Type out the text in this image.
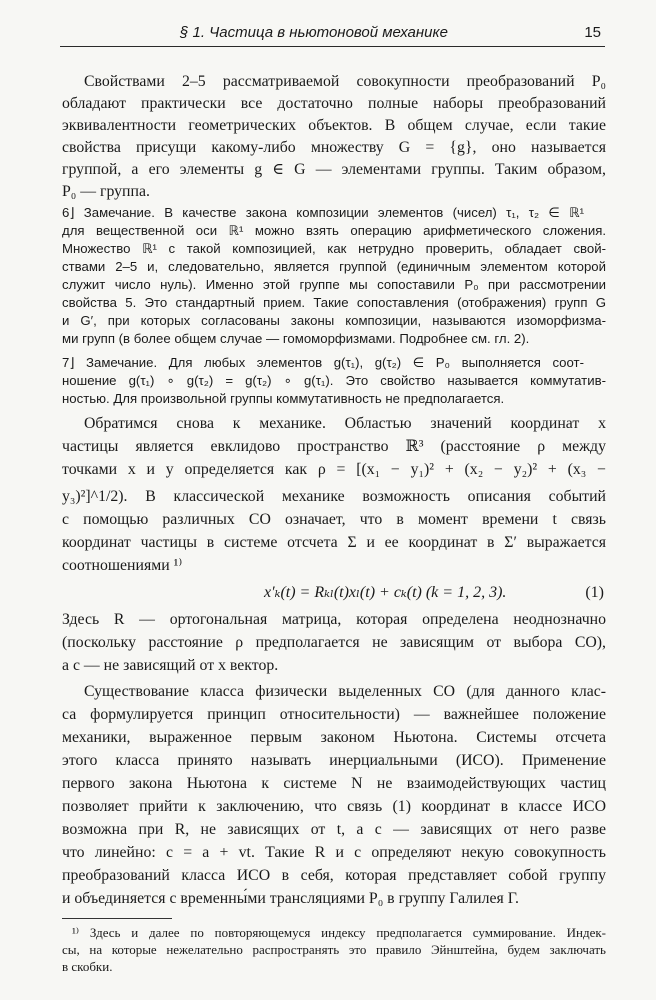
§ 1. Частица в ньютоновой механике	15
Свойствами 2–5 рассматриваемой совокупности преобразований P₀
обладают практически все достаточно полные наборы преобразований
эквивалентности геометрических объектов. В общем случае, если такие
свойства присущи какому-либо множеству G = {g}, оно называется
группой, а его элементы g ∈ G — элементами группы. Таким образом,
P₀ — группа.
6⌋ Замечание. В качестве закона композиции элементов (чисел) τ₁, τ₂ ∈ ℝ¹
для вещественной оси ℝ¹ можно взять операцию арифметического сложения.
Множество ℝ¹ с такой композицией, как нетрудно проверить, обладает свой-
ствами 2–5 и, следовательно, является группой (единичным элементом которой
служит число нуль). Именно этой группе мы сопоставили P₀ при рассмотрении
свойства 5. Это стандартный прием. Такие сопоставления (отображения) групп G
и G′, при которых согласованы законы композиции, называются изоморфизма-
ми групп (в более общем случае — гомоморфизмами. Подробнее см. гл. 2).
7⌋ Замечание. Для любых элементов g(τ₁), g(τ₂) ∈ P₀ выполняется соот-
ношение g(τ₁) ∘ g(τ₂) = g(τ₂) ∘ g(τ₁). Это свойство называется коммутатив-
ностью. Для произвольной группы коммутативность не предполагается.
Обратимся снова к механике. Областью значений координат x
частицы является евклидово пространство ℝ³ (расстояние ρ между
точками x и y определяется как ρ = [(x₁ − y₁)² + (x₂ − y₂)² + (x₃ −
y₃)²]^1/2). В классической механике возможность описания событий
с помощью различных СО означает, что в момент времени t связь
координат частицы в системе отсчета Σ и ее координат в Σ′ выражается
соотношениями ¹⁾
x′ₖ(t) = Rₖₗ(t)xₗ(t) + cₖ(t) (k = 1, 2, 3).	(1)
Здесь R — ортогональная матрица, которая определена неоднозначно
(поскольку расстояние ρ предполагается не зависящим от выбора СО),
а c — не зависящий от x вектор.
Существование класса физически выделенных СО (для данного клас-
са формулируется принцип относительности) — важнейшее положение
механики, выраженное первым законом Ньютона. Системы отсчета
этого класса принято называть инерциальными (ИСО). Применение
первого закона Ньютона к системе N не взаимодействующих частиц
позволяет прийти к заключению, что связь (1) координат в классе ИСО
возможна при R, не зависящих от t, а c — зависящих от него разве
что линейно: c = a + vt. Такие R и c определяют некую совокупность
преобразований класса ИСО в себя, которая представляет собой группу
и объединяется с временны́ми трансляциями P₀ в группу Галилея Γ.
¹⁾ Здесь и далее по повторяющемуся индексу предполагается суммирование. Индек-
сы, на которые нежелательно распространять это правило Эйнштейна, будем заключать
в скобки.
